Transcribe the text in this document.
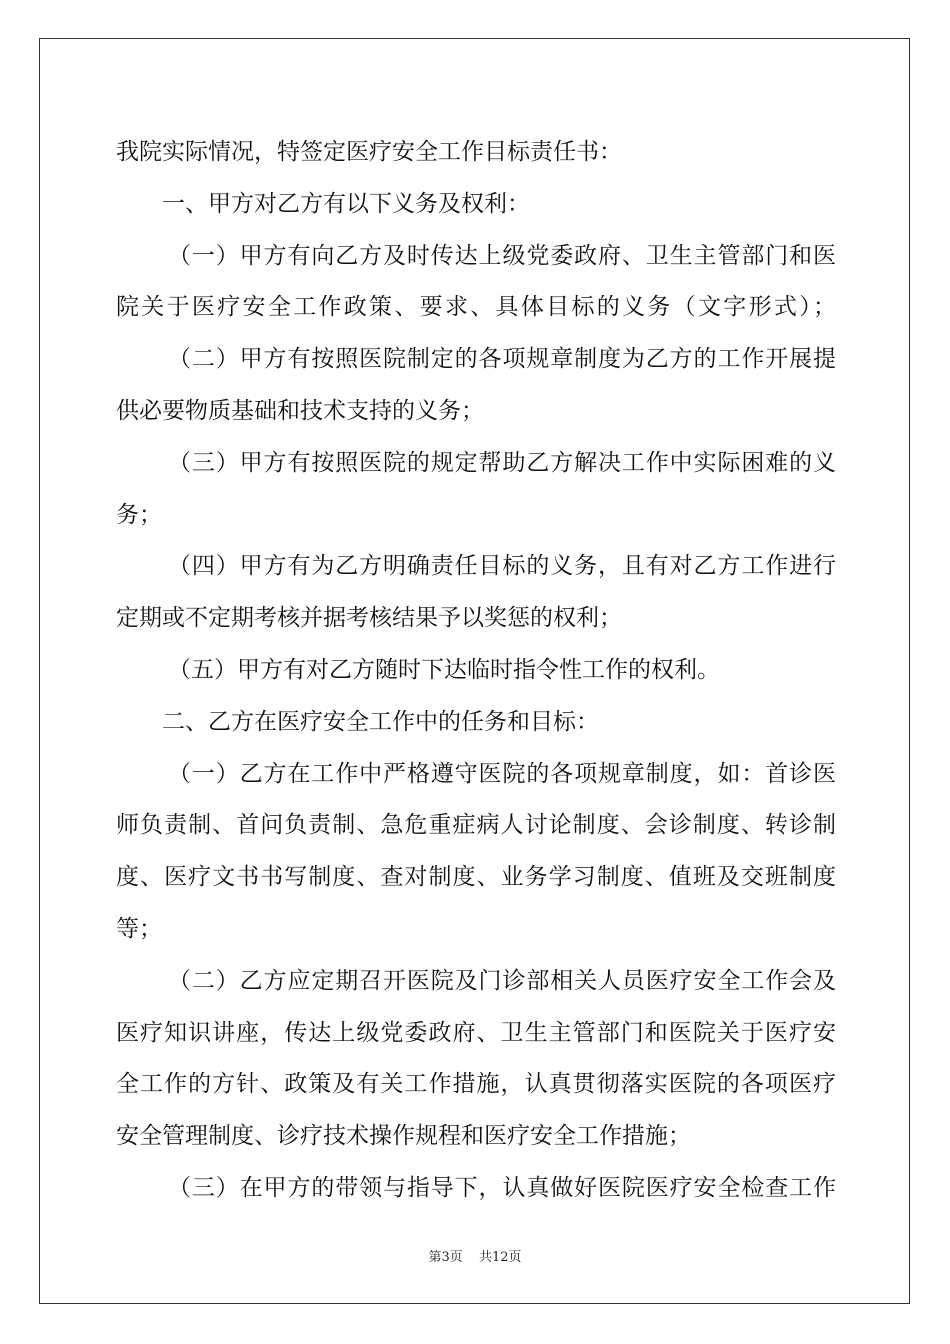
我院实际情况，特签定医疗安全工作目标责任书：
一、甲方对乙方有以下义务及权利：
（一）甲方有向乙方及时传达上级党委政府、卫生主管部门和医
院关于医疗安全工作政策、要求、具体目标的义务（文字形式）；
（二）甲方有按照医院制定的各项规章制度为乙方的工作开展提
供必要物质基础和技术支持的义务；
（三）甲方有按照医院的规定帮助乙方解决工作中实际困难的义
务；
（四）甲方有为乙方明确责任目标的义务，且有对乙方工作进行
定期或不定期考核并据考核结果予以奖惩的权利；
（五）甲方有对乙方随时下达临时指令性工作的权利。
二、乙方在医疗安全工作中的任务和目标：
（一）乙方在工作中严格遵守医院的各项规章制度，如：首诊医
师负责制、首问负责制、急危重症病人讨论制度、会诊制度、转诊制
度、医疗文书书写制度、查对制度、业务学习制度、值班及交班制度
等；
（二）乙方应定期召开医院及门诊部相关人员医疗安全工作会及
医疗知识讲座，传达上级党委政府、卫生主管部门和医院关于医疗安
全工作的方针、政策及有关工作措施，认真贯彻落实医院的各项医疗
安全管理制度、诊疗技术操作规程和医疗安全工作措施；
（三）在甲方的带领与指导下，认真做好医院医疗安全检查工作
第3页 共12页
